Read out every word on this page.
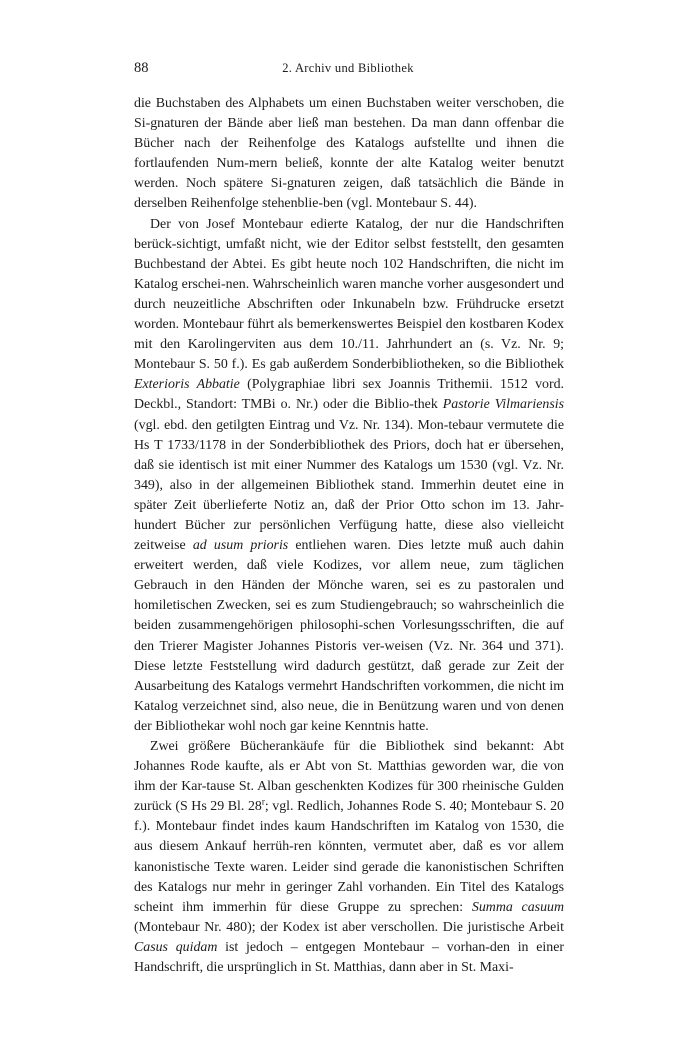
88	2. Archiv und Bibliothek

die Buchstaben des Alphabets um einen Buchstaben weiter verschoben, die Si-gnaturen der Bände aber ließ man bestehen. Da man dann offenbar die Bücher nach der Reihenfolge des Katalogs aufstellte und ihnen die fortlaufenden Num-mern beließ, konnte der alte Katalog weiter benutzt werden. Noch spätere Si-gnaturen zeigen, daß tatsächlich die Bände in derselben Reihenfolge stehenblie-ben (vgl. Montebaur S. 44).

Der von Josef Montebaur edierte Katalog, der nur die Handschriften berück-sichtigt, umfaßt nicht, wie der Editor selbst feststellt, den gesamten Buchbestand der Abtei. Es gibt heute noch 102 Handschriften, die nicht im Katalog erschei-nen. Wahrscheinlich waren manche vorher ausgesondert und durch neuzeitliche Abschriften oder Inkunabeln bzw. Frühdrucke ersetzt worden. Montebaur führt als bemerkenswertes Beispiel den kostbaren Kodex mit den Karolingerviten aus dem 10./11. Jahrhundert an (s. Vz. Nr. 9; Montebaur S. 50 f.). Es gab außerdem Sonderbibliotheken, so die Bibliothek Exterioris Abbatie (Polygraphiae libri sex Joannis Trithemii. 1512 vord. Deckbl., Standort: TMBi o. Nr.) oder die Biblio-thek Pastorie Vilmariensis (vgl. ebd. den getilgten Eintrag und Vz. Nr. 134). Mon-tebaur vermutete die Hs T 1733/1178 in der Sonderbibliothek des Priors, doch hat er übersehen, daß sie identisch ist mit einer Nummer des Katalogs um 1530 (vgl. Vz. Nr. 349), also in der allgemeinen Bibliothek stand. Immerhin deutet eine in später Zeit überlieferte Notiz an, daß der Prior Otto schon im 13. Jahr-hundert Bücher zur persönlichen Verfügung hatte, diese also vielleicht zeitweise ad usum prioris entliehen waren. Dies letzte muß auch dahin erweitert werden, daß viele Kodizes, vor allem neue, zum täglichen Gebrauch in den Händen der Mönche waren, sei es zu pastoralen und homiletischen Zwecken, sei es zum Studiengebrauch; so wahrscheinlich die beiden zusammengehörigen philosophi-schen Vorlesungsschriften, die auf den Trierer Magister Johannes Pistoris ver-weisen (Vz. Nr. 364 und 371). Diese letzte Feststellung wird dadurch gestützt, daß gerade zur Zeit der Ausarbeitung des Katalogs vermehrt Handschriften vorkommen, die nicht im Katalog verzeichnet sind, also neue, die in Benützung waren und von denen der Bibliothekar wohl noch gar keine Kenntnis hatte.

Zwei größere Bücherankäufe für die Bibliothek sind bekannt: Abt Johannes Rode kaufte, als er Abt von St. Matthias geworden war, die von ihm der Kar-tause St. Alban geschenkten Kodizes für 300 rheinische Gulden zurück (S Hs 29 Bl. 28$^r$; vgl. Redlich, Johannes Rode S. 40; Montebaur S. 20 f.). Montebaur findet indes kaum Handschriften im Katalog von 1530, die aus diesem Ankauf herrüh-ren könnten, vermutet aber, daß es vor allem kanonistische Texte waren. Leider sind gerade die kanonistischen Schriften des Katalogs nur mehr in geringer Zahl vorhanden. Ein Titel des Katalogs scheint ihm immerhin für diese Gruppe zu sprechen: Summa casuum (Montebaur Nr. 480); der Kodex ist aber verschollen. Die juristische Arbeit Casus quidam ist jedoch – entgegen Montebaur – vorhan-den in einer Handschrift, die ursprünglich in St. Matthias, dann aber in St. Maxi-
